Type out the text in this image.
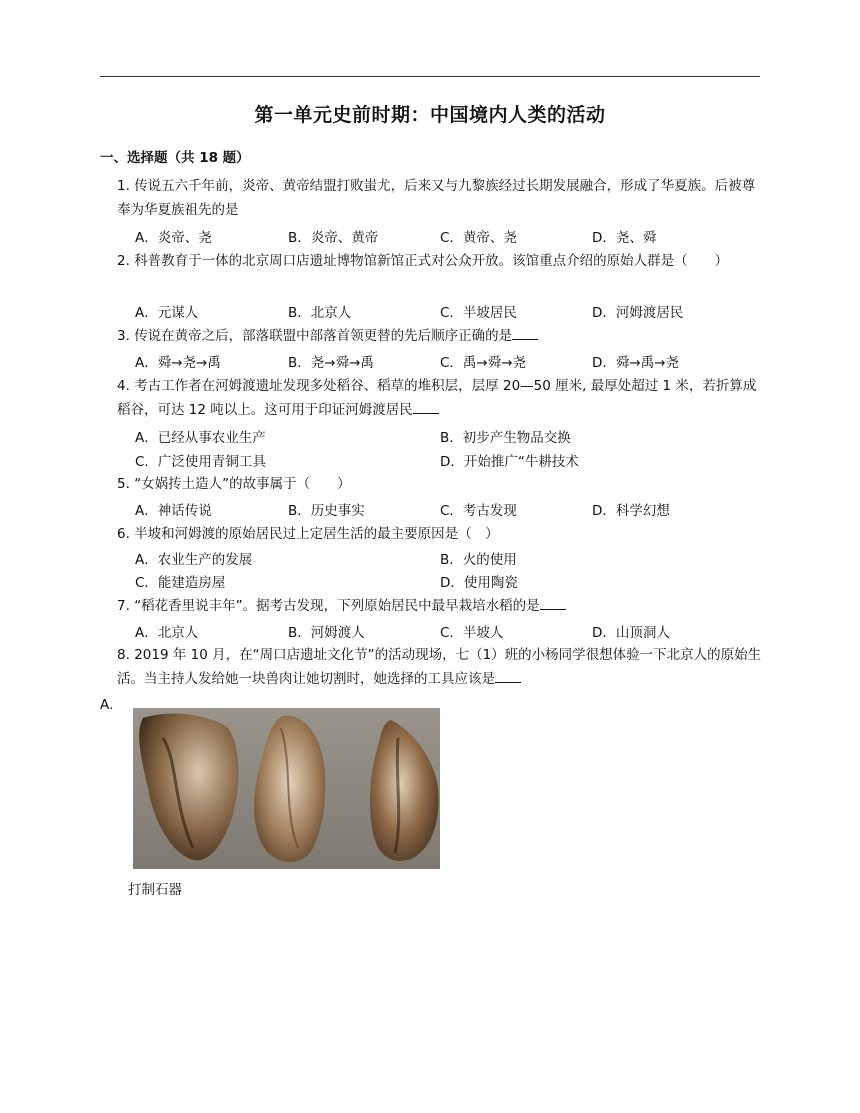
第一单元史前时期：中国境内人类的活动
一、选择题（共 18 题）
1. 传说五六千年前，炎帝、黄帝结盟打败蚩尤，后来又与九黎族经过长期发展融合，形成了华夏族。后被尊奉为华夏族祖先的是
A．炎帝、尧	B．炎帝、黄帝	C．黄帝、尧	D．尧、舜
2. 科普教育于一体的北京周口店遗址博物馆新馆正式对公众开放。该馆重点介绍的原始人群是（　　）
A．元谋人	B．北京人	C．半坡居民	D．河姆渡居民
3. 传说在黄帝之后，部落联盟中部落首领更替的先后顺序正确的是
A．舜→尧→禹	B．尧→舜→禹	C．禹→舜→尧	D．舜→禹→尧
4. 考古工作者在河姆渡遗址发现多处稻谷、稻草的堆积层，层厚 20—50 厘米, 最厚处超过 1 米，若折算成稻谷，可达 12 吨以上。这可用于印证河姆渡居民
A．已经从事农业生产	B．初步产生物品交换
C．广泛使用青铜工具	D．开始推广“牛耕技术
5. “女娲抟土造人”的故事属于（　　）
A．神话传说	B．历史事实	C．考古发现	D．科学幻想
6. 半坡和河姆渡的原始居民过上定居生活的最主要原因是（　）
A．农业生产的发展	B．火的使用
C．能建造房屋	D．使用陶瓷
7. “稻花香里说丰年”。据考古发现，下列原始居民中最早栽培水稻的是
A．北京人	B．河姆渡人	C．半坡人	D．山顶洞人
8. 2019 年 10 月，在“周口店遗址文化节”的活动现场，七（1）班的小杨同学很想体验一下北京人的原始生活。当主持人发给她一块兽肉让她切割时，她选择的工具应该是
A.
打制石器
